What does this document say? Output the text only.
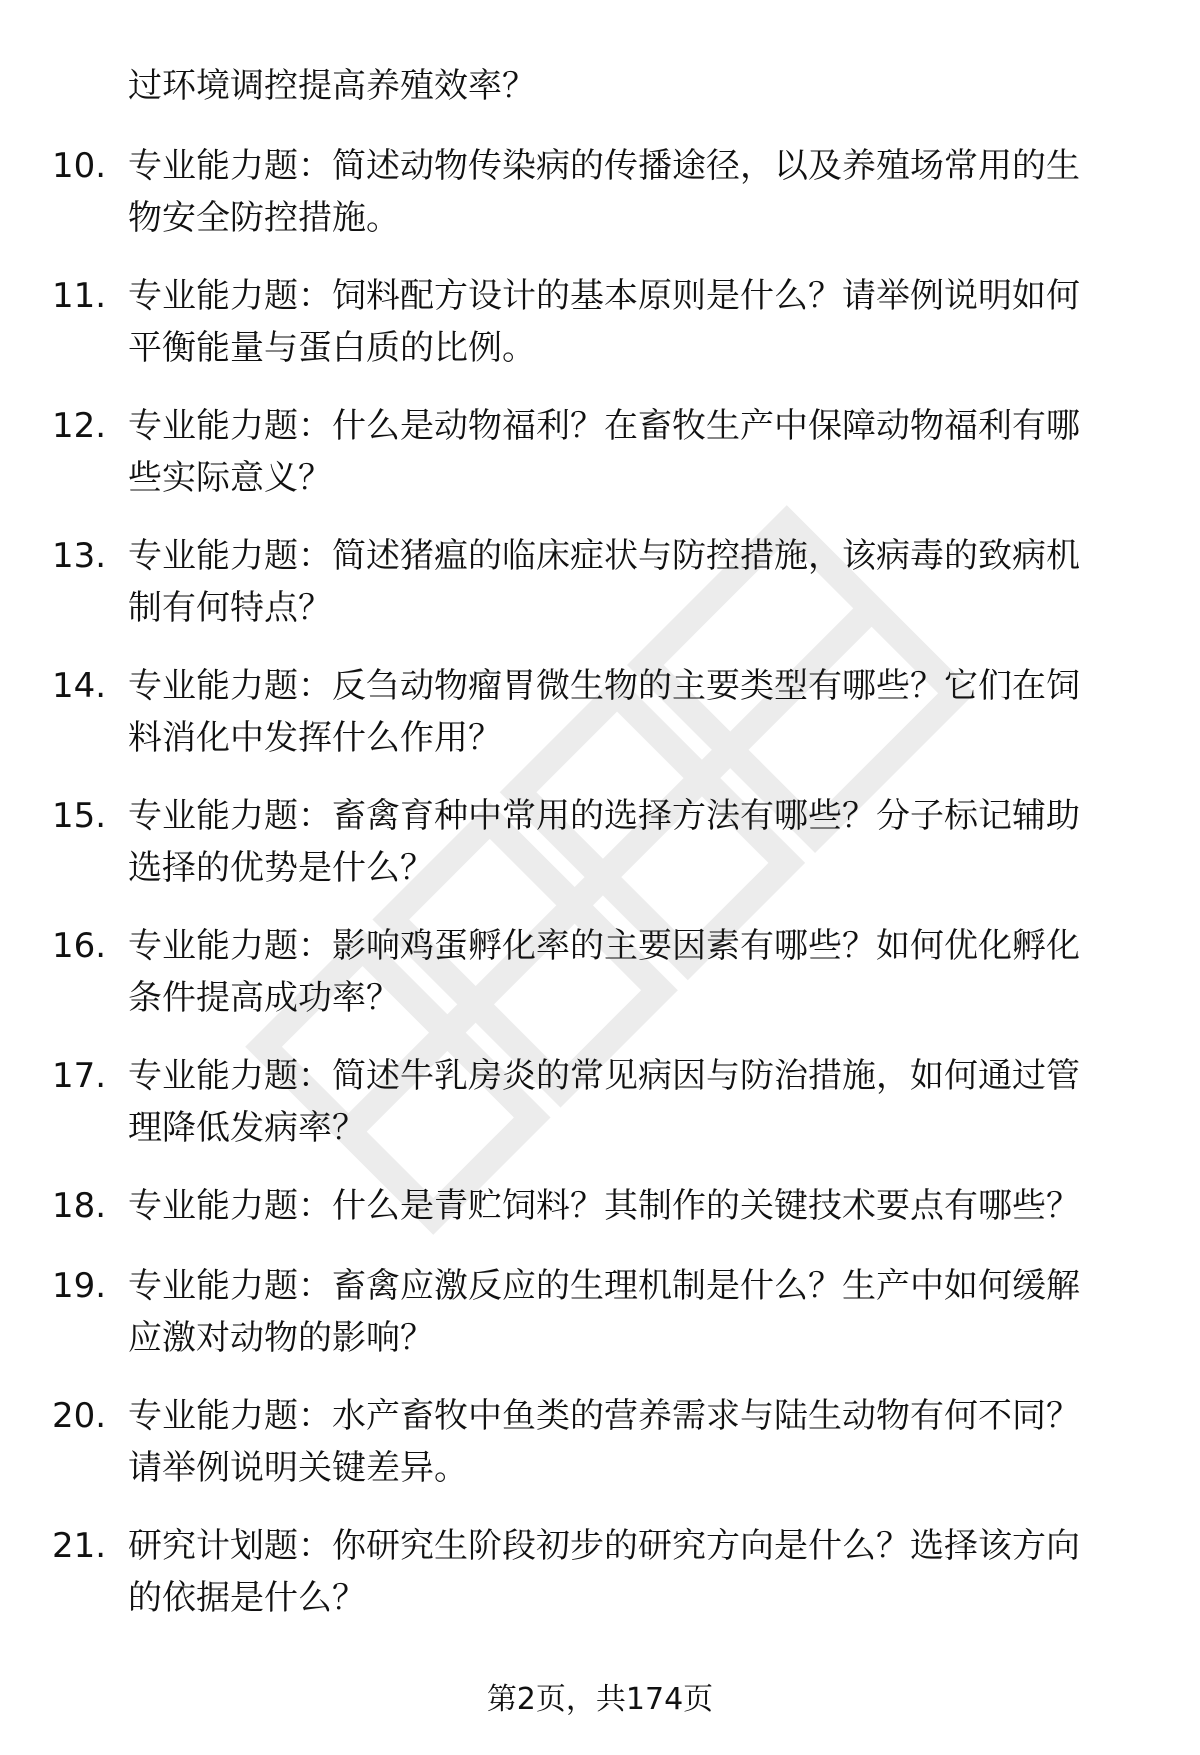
过环境调控提高养殖效率？
10. 专业能力题：简述动物传染病的传播途径，以及养殖场常用的生
物安全防控措施。
11. 专业能力题：饲料配方设计的基本原则是什么？请举例说明如何
平衡能量与蛋白质的比例。
12. 专业能力题：什么是动物福利？在畜牧生产中保障动物福利有哪
些实际意义？
13. 专业能力题：简述猪瘟的临床症状与防控措施，该病毒的致病机
制有何特点？
14. 专业能力题：反刍动物瘤胃微生物的主要类型有哪些？它们在饲
料消化中发挥什么作用？
15. 专业能力题：畜禽育种中常用的选择方法有哪些？分子标记辅助
选择的优势是什么？
16. 专业能力题：影响鸡蛋孵化率的主要因素有哪些？如何优化孵化
条件提高成功率？
17. 专业能力题：简述牛乳房炎的常见病因与防治措施，如何通过管
理降低发病率？
18. 专业能力题：什么是青贮饲料？其制作的关键技术要点有哪些？
19. 专业能力题：畜禽应激反应的生理机制是什么？生产中如何缓解
应激对动物的影响？
20. 专业能力题：水产畜牧中鱼类的营养需求与陆生动物有何不同？
请举例说明关键差异。
21. 研究计划题：你研究生阶段初步的研究方向是什么？选择该方向
的依据是什么？
第2页，共174页
